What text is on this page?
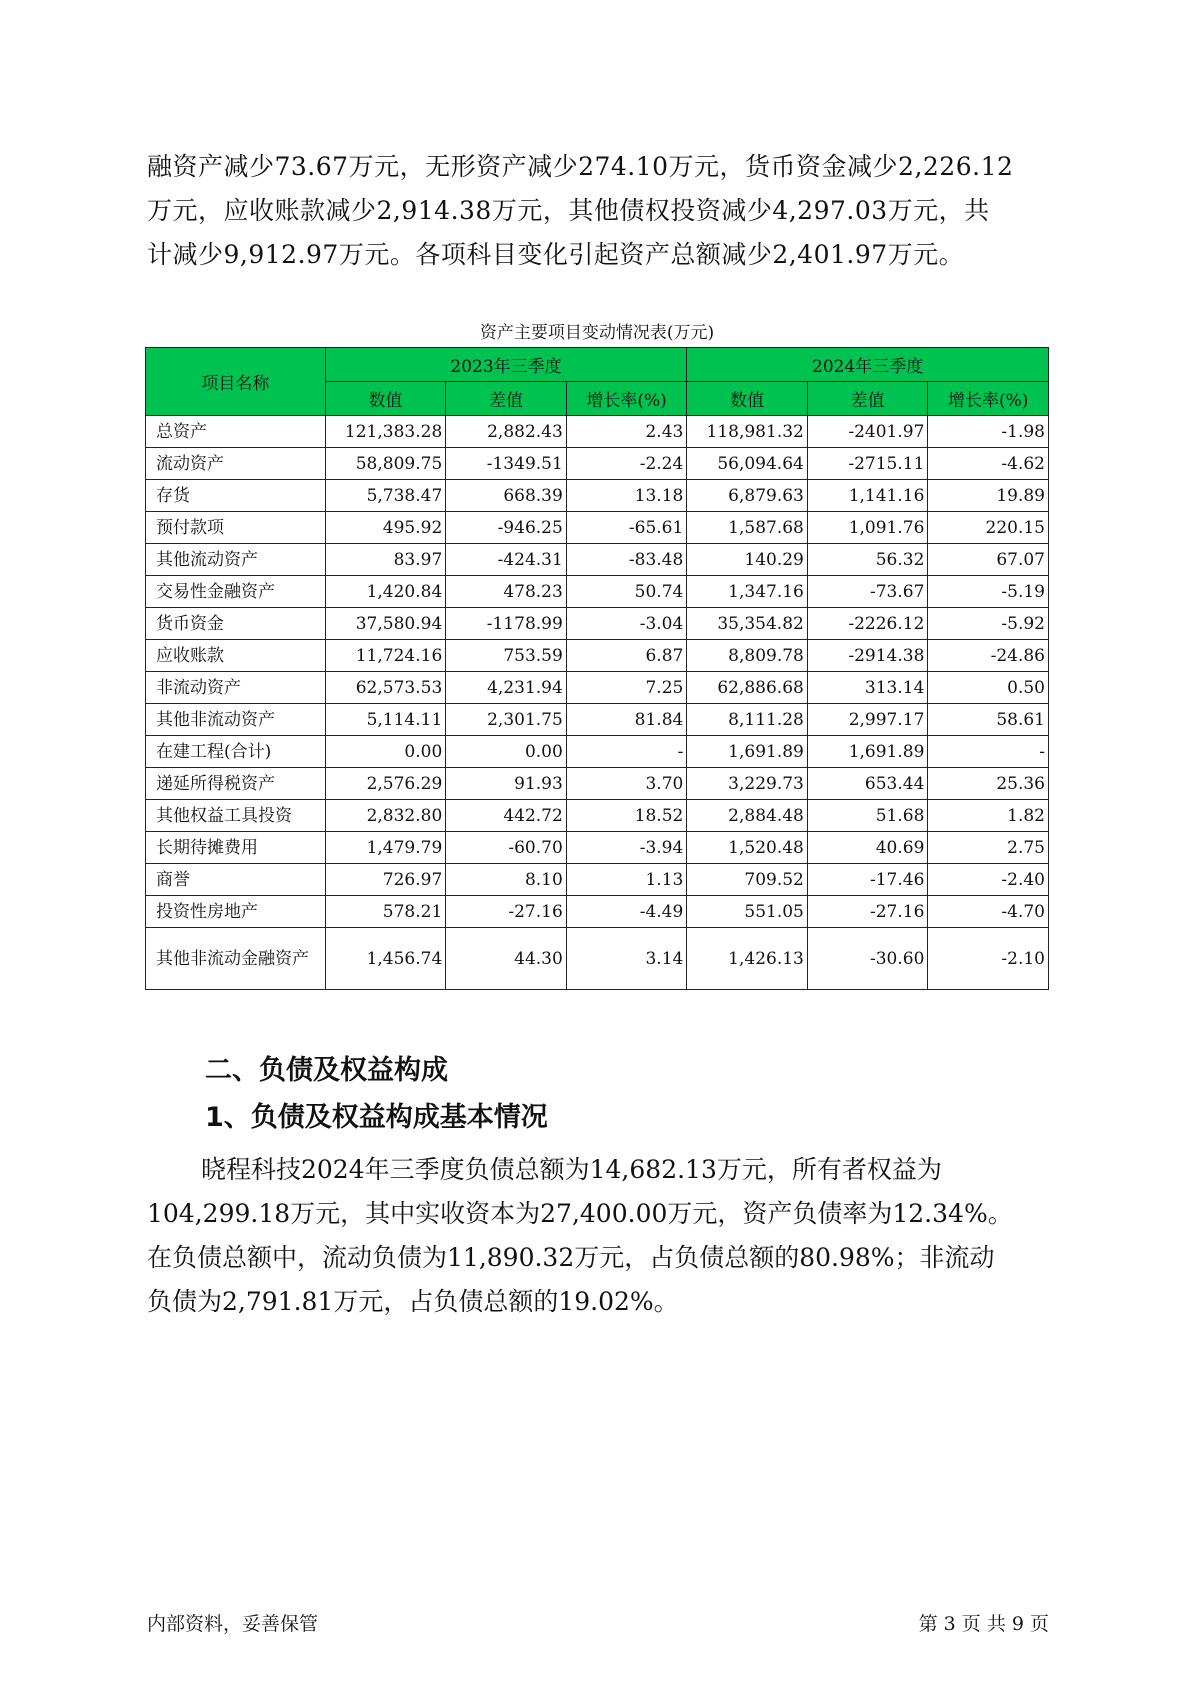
融资产减少73.67万元，无形资产减少274.10万元，货币资金减少2,226.12
万元，应收账款减少2,914.38万元，其他债权投资减少4,297.03万元，共
计减少9,912.97万元。各项科目变化引起资产总额减少2,401.97万元。

资产主要项目变动情况表(万元)

项目名称	2023年三季度			2024年三季度		
	数值	差值	增长率(%)	数值	差值	增长率(%)
总资产	121,383.28	2,882.43	2.43	118,981.32	-2401.97	-1.98
流动资产	58,809.75	-1349.51	-2.24	56,094.64	-2715.11	-4.62
存货	5,738.47	668.39	13.18	6,879.63	1,141.16	19.89
预付款项	495.92	-946.25	-65.61	1,587.68	1,091.76	220.15
其他流动资产	83.97	-424.31	-83.48	140.29	56.32	67.07
交易性金融资产	1,420.84	478.23	50.74	1,347.16	-73.67	-5.19
货币资金	37,580.94	-1178.99	-3.04	35,354.82	-2226.12	-5.92
应收账款	11,724.16	753.59	6.87	8,809.78	-2914.38	-24.86
非流动资产	62,573.53	4,231.94	7.25	62,886.68	313.14	0.50
其他非流动资产	5,114.11	2,301.75	81.84	8,111.28	2,997.17	58.61
在建工程(合计)	0.00	0.00	-	1,691.89	1,691.89	-
递延所得税资产	2,576.29	91.93	3.70	3,229.73	653.44	25.36
其他权益工具投资	2,832.80	442.72	18.52	2,884.48	51.68	1.82
长期待摊费用	1,479.79	-60.70	-3.94	1,520.48	40.69	2.75
商誉	726.97	8.10	1.13	709.52	-17.46	-2.40
投资性房地产	578.21	-27.16	-4.49	551.05	-27.16	-4.70
其他非流动金融资产	1,456.74	44.30	3.14	1,426.13	-30.60	-2.10
二、负债及权益构成
1、负债及权益构成基本情况

晓程科技2024年三季度负债总额为14,682.13万元，所有者权益为
104,299.18万元，其中实收资本为27,400.00万元，资产负债率为12.34%。
在负债总额中，流动负债为11,890.32万元，占负债总额的80.98%；非流动
负债为2,791.81万元，占负债总额的19.02%。

内部资料，妥善保管	第 3 页 共 9 页
